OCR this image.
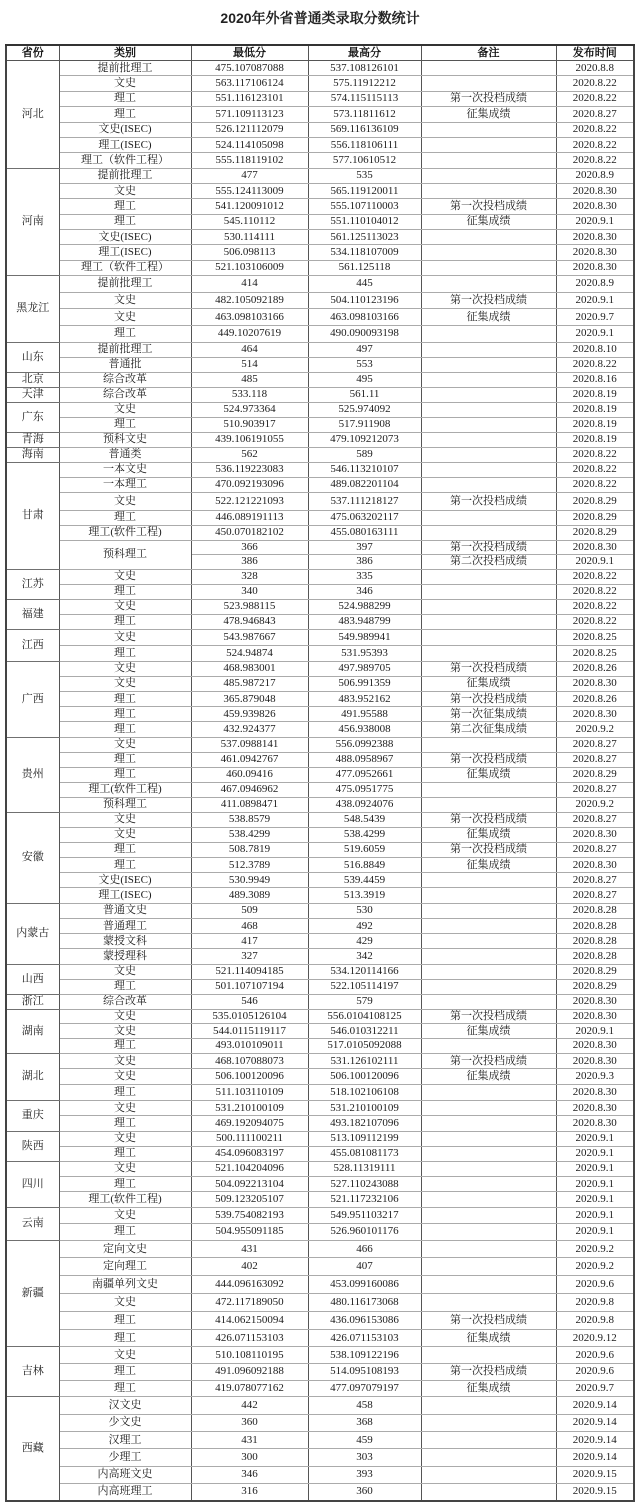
2020年外省普通类录取分数统计
省份	类别	最低分	最高分	备注	发布时间
河北	提前批理工	475.107087088	537.108126101		2020.8.8
	文史	563.117106124	575.11912212		2020.8.22
	理工	551.116123101	574.115115113	第一次投档成绩	2020.8.22
	理工	571.109113123	573.11811612	征集成绩	2020.8.27
	文史(ISEC)	526.121112079	569.116136109		2020.8.22
	理工(ISEC)	524.114105098	556.118106111		2020.8.22
	理工（软件工程）	555.118119102	577.10610512		2020.8.22
河南	提前批理工	477	535		2020.8.9
	文史	555.124113009	565.119120011		2020.8.30
	理工	541.120091012	555.107110003	第一次投档成绩	2020.8.30
	理工	545.110112	551.110104012	征集成绩	2020.9.1
	文史(ISEC)	530.114111	561.125113023		2020.8.30
	理工(ISEC)	506.098113	534.118107009		2020.8.30
	理工（软件工程）	521.103106009	561.125118		2020.8.30
黑龙江	提前批理工	414	445		2020.8.9
	文史	482.105092189	504.110123196	第一次投档成绩	2020.9.1
	文史	463.098103166	463.098103166	征集成绩	2020.9.7
	理工	449.10207619	490.090093198		2020.9.1
山东	提前批理工	464	497		2020.8.10
	普通批	514	553		2020.8.22
北京	综合改革	485	495		2020.8.16
天津	综合改革	533.118	561.11		2020.8.19
广东	文史	524.973364	525.974092		2020.8.19
	理工	510.903917	517.911908		2020.8.19
青海	预科文史	439.106191055	479.109212073		2020.8.19
海南	普通类	562	589		2020.8.22
甘肃	一本文史	536.119223083	546.113210107		2020.8.22
	一本理工	470.092193096	489.082201104		2020.8.22
	文史	522.121221093	537.111218127	第一次投档成绩	2020.8.29
	理工	446.089191113	475.063202117		2020.8.29
	理工(软件工程)	450.070182102	455.080163111		2020.8.29
	预科理工	366	397	第一次投档成绩	2020.8.30
		386	386	第二次投档成绩	2020.9.1
江苏	文史	328	335		2020.8.22
	理工	340	346		2020.8.22
福建	文史	523.988115	524.988299		2020.8.22
	理工	478.946843	483.948799		2020.8.22
江西	文史	543.987667	549.989941		2020.8.25
	理工	524.94874	531.95393		2020.8.25
广西	文史	468.983001	497.989705	第一次投档成绩	2020.8.26
	文史	485.987217	506.991359	征集成绩	2020.8.30
	理工	365.879048	483.952162	第一次投档成绩	2020.8.26
	理工	459.939826	491.95588	第一次征集成绩	2020.8.30
	理工	432.924377	456.938008	第二次征集成绩	2020.9.2
贵州	文史	537.0988141	556.0992388		2020.8.27
	理工	461.0942767	488.0958967	第一次投档成绩	2020.8.27
	理工	460.09416	477.0952661	征集成绩	2020.8.29
	理工(软件工程)	467.0946962	475.0951775		2020.8.27
	预科理工	411.0898471	438.0924076		2020.9.2
安徽	文史	538.8579	548.5439	第一次投档成绩	2020.8.27
	文史	538.4299	538.4299	征集成绩	2020.8.30
	理工	508.7819	519.6059	第一次投档成绩	2020.8.27
	理工	512.3789	516.8849	征集成绩	2020.8.30
	文史(ISEC)	530.9949	539.4459		2020.8.27
	理工(ISEC)	489.3089	513.3919		2020.8.27
内蒙古	普通文史	509	530		2020.8.28
	普通理工	468	492		2020.8.28
	蒙授文科	417	429		2020.8.28
	蒙授理科	327	342		2020.8.28
山西	文史	521.114094185	534.120114166		2020.8.29
	理工	501.107107194	522.105114197		2020.8.29
浙江	综合改革	546	579		2020.8.30
湖南	文史	535.0105126104	556.0104108125	第一次投档成绩	2020.8.30
	文史	544.0115119117	546.010312211	征集成绩	2020.9.1
	理工	493.010109011	517.0105092088		2020.8.30
湖北	文史	468.107088073	531.126102111	第一次投档成绩	2020.8.30
	文史	506.100120096	506.100120096	征集成绩	2020.9.3
	理工	511.103110109	518.102106108		2020.8.30
重庆	文史	531.210100109	531.210100109		2020.8.30
	理工	469.192094075	493.182107096		2020.8.30
陕西	文史	500.111100211	513.109112199		2020.9.1
	理工	454.096083197	455.081081173		2020.9.1
四川	文史	521.104204096	528.11319111		2020.9.1
	理工	504.092213104	527.110243088		2020.9.1
	理工(软件工程)	509.123205107	521.117232106		2020.9.1
云南	文史	539.754082193	549.951103217		2020.9.1
	理工	504.955091185	526.960101176		2020.9.1
新疆	定向文史	431	466		2020.9.2
	定向理工	402	407		2020.9.2
	南疆单列文史	444.096163092	453.099160086		2020.9.6
	文史	472.117189050	480.116173068		2020.9.8
	理工	414.062150094	436.096153086	第一次投档成绩	2020.9.8
	理工	426.071153103	426.071153103	征集成绩	2020.9.12
吉林	文史	510.108110195	538.109122196		2020.9.6
	理工	491.096092188	514.095108193	第一次投档成绩	2020.9.6
	理工	419.078077162	477.097079197	征集成绩	2020.9.7
西藏	汉文史	442	458		2020.9.14
	少文史	360	368		2020.9.14
	汉理工	431	459		2020.9.14
	少理工	300	303		2020.9.14
	内高班文史	346	393		2020.9.15
	内高班理工	316	360		2020.9.15
